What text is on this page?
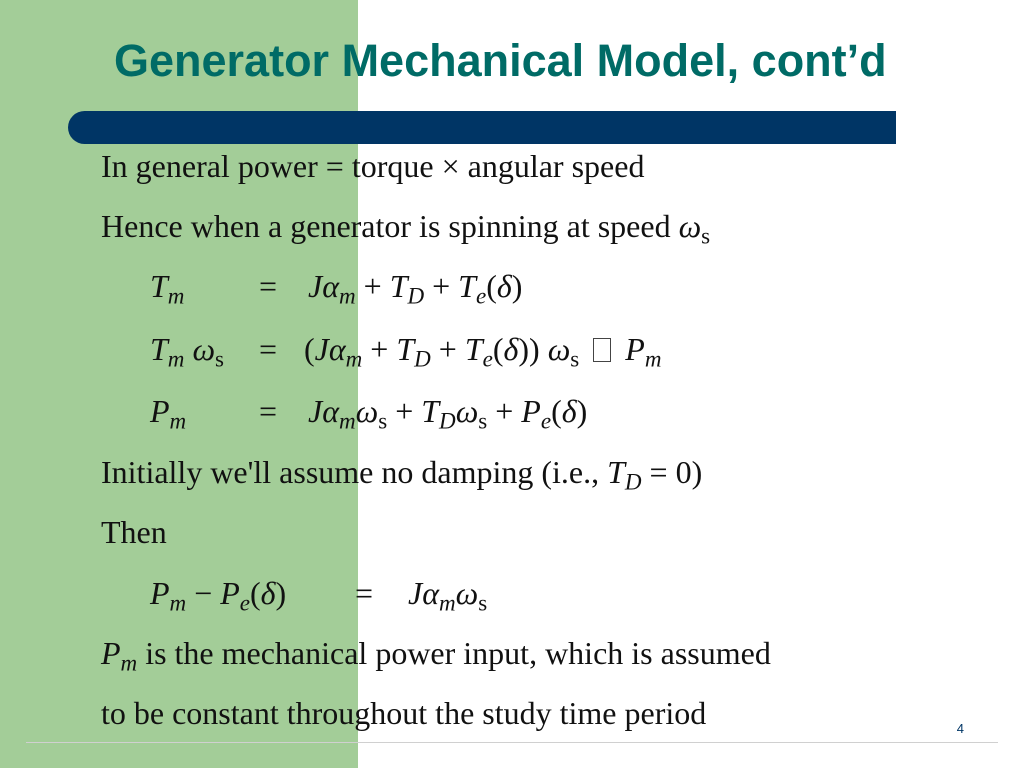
Generator Mechanical Model, cont’d
In general power = torque × angular speed
Hence when a generator is spinning at speed $\omega_s$
$T_m = J\alpha_m + T_D + T_e(\delta)$
$T_m$ $\omega_s = (J\alpha_m + T_D + T_e(\delta))$ $\omega_s$ $P_m$
$P_m = J\alpha_m\omega_s + T_D\omega_s + P_e(\delta)$
Initially we'll assume no damping (i.e., $T_D = 0$)
Then
$P_m - P_e(\delta) = J\alpha_m\omega_s$
$P_m$ is the mechanical power input, which is assumed
to be constant throughout the study time period	4
